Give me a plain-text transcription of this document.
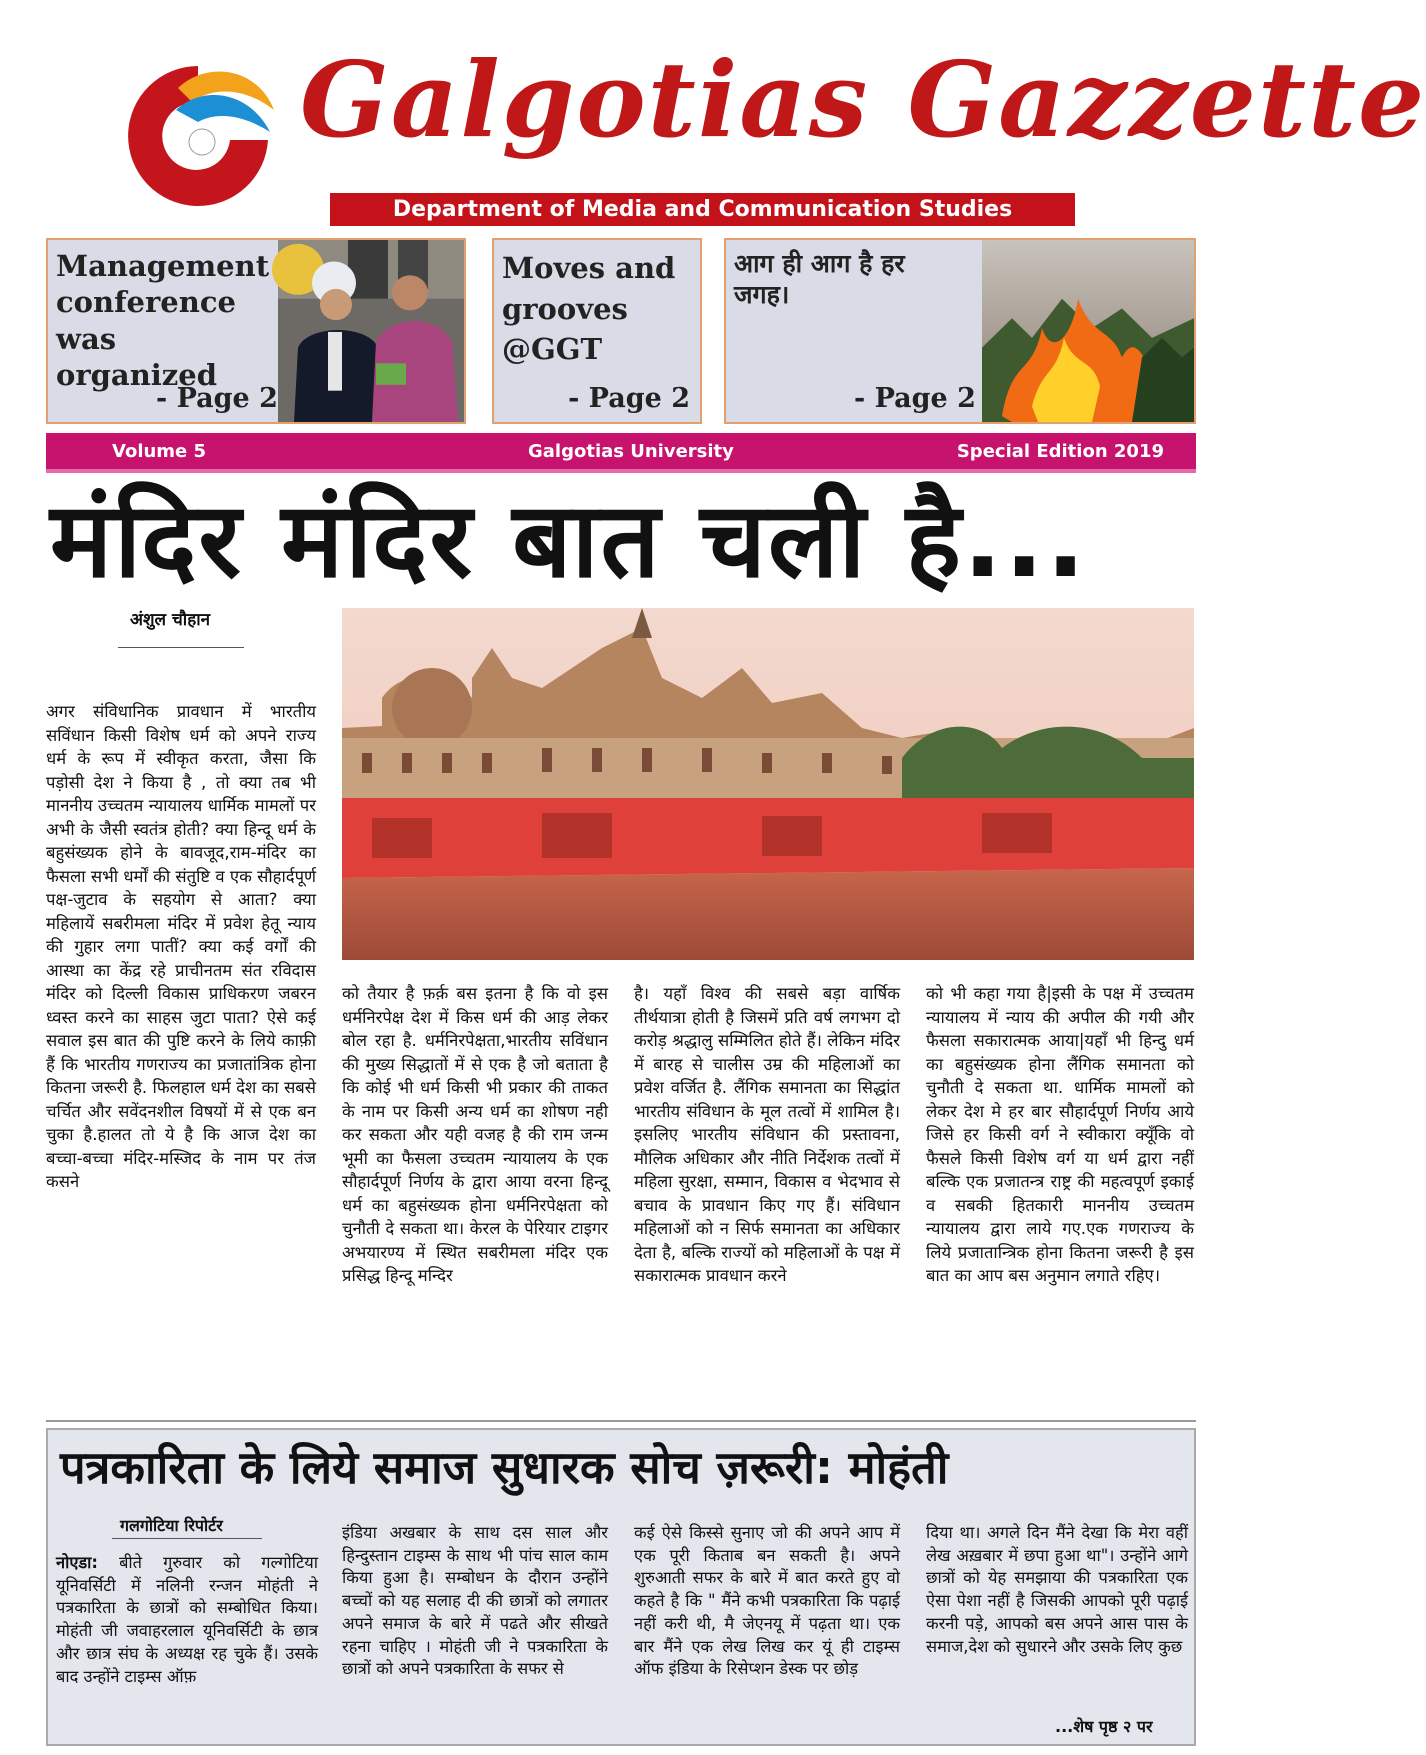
Galgotias Gazzette
Department of Media and Communication Studies
Management conference was organized
- Page 2
Moves and grooves @GGT
- Page 2
आग ही आग है हर जगह।
- Page 2
Volume 5	Galgotias University	Special Edition 2019
मंदिर मंदिर बात चली है...
अंशुल चौहान
अगर संविधानिक प्रावधान में भारतीय सविंधान किसी विशेष धर्म को अपने राज्य धर्म के रूप में स्वीकृत करता, जैसा कि पड़ोसी देश ने किया है , तो क्या तब भी माननीय उच्चतम न्यायालय धार्मिक मामलों पर अभी के जैसी स्वतंत्र होती? क्या हिन्दू धर्म के बहुसंख्यक होने के बावजूद,राम-मंदिर का फैसला सभी धर्मों की संतुष्टि व एक सौहार्दपूर्ण पक्ष-जुटाव के सहयोग से आता? क्या महिलायें सबरीमला मंदिर में प्रवेश हेतू न्याय की गुहार लगा पातीं? क्या कई वर्गों की आस्था का केंद्र रहे प्राचीनतम संत रविदास मंदिर को दिल्ली विकास प्राधिकरण जबरन ध्वस्त करने का साहस जुटा पाता? ऐसे कई सवाल इस बात की पुष्टि करने के लिये काफ़ी हैं कि भारतीय गणराज्य का प्रजातांत्रिक होना कितना जरूरी है. फिलहाल धर्म देश का सबसे चर्चित और सवेंदनशील विषयों में से एक बन चुका है.हालत तो ये है कि आज देश का बच्चा-बच्चा मंदिर-मस्जिद के नाम पर तंज कसने
को तैयार है फ़र्क़ बस इतना है कि वो इस धर्मनिरपेक्ष देश में किस धर्म की आड़ लेकर बोल रहा है. धर्मनिरपेक्षता,भारतीय सविंधान की मुख्य सिद्धातों में से एक है जो बताता है कि कोई भी धर्म किसी भी प्रकार की ताकत के नाम पर किसी अन्य धर्म का शोषण नही कर सकता और यही वजह है की राम जन्म भूमी का फैसला उच्चतम न्यायालय के एक सौहार्दपूर्ण निर्णय के द्वारा आया वरना हिन्दू धर्म का बहुसंख्यक होना धर्मनिरपेक्षता को चुनौती दे सकता था। केरल के पेरियार टाइगर अभयारण्य में स्थित सबरीमला मंदिर एक प्रसिद्ध हिन्दू मन्दिर
है। यहाँ विश्व की सबसे बड़ा वार्षिक तीर्थयात्रा होती है जिसमें प्रति वर्ष लगभग दो करोड़ श्रद्धालु सम्मिलित होते हैं। लेकिन मंदिर में बारह से चालीस उम्र की महिलाओं का प्रवेश वर्जित है. लैंगिक समानता का सिद्धांत भारतीय संविधान के मूल तत्वों में शामिल है। इसलिए भारतीय संविधान की प्रस्तावना, मौलिक अधिकार और नीति निर्देशक तत्वों में महिला सुरक्षा, सम्मान, विकास व भेदभाव से बचाव के प्रावधान किए गए हैं। संविधान महिलाओं को न सिर्फ समानता का अधिकार देता है, बल्कि राज्यों को महिलाओं के पक्ष में सकारात्मक प्रावधान करने
को भी कहा गया है|इसी के पक्ष में उच्चतम न्यायालय में न्याय की अपील की गयी और फैसला सकारात्मक आया|यहाँ भी हिन्दु धर्म का बहुसंख्यक होना लैंगिक समानता को चुनौती दे सकता था. धार्मिक मामलों को लेकर देश मे हर बार सौहार्दपूर्ण निर्णय आये जिसे हर किसी वर्ग ने स्वीकारा क्यूँकि वो फैसले किसी विशेष वर्ग या धर्म द्वारा नहीं बल्कि एक प्रजातन्त्र राष्ट्र की महत्वपूर्ण इकाई व सबकी हितकारी माननीय उच्चतम न्यायालय द्वारा लाये गए.एक गणराज्य के लिये प्रजातान्त्रिक होना कितना जरूरी है इस बात का आप बस अनुमान लगाते रहिए।
पत्रकारिता के लिये समाज सुधारक सोच ज़रूरी: मोहंती
गलगोटिया रिपोर्टर
नोएडा: बीते गुरुवार को गल्गोटिया यूनिवर्सिटी में नलिनी रन्जन मोहंती ने पत्रकारिता के छात्रों को सम्बोधित किया। मोहंती जी जवाहरलाल यूनिवर्सिटी के छात्र और छात्र संघ के अध्यक्ष रह चुके हैं। उसके बाद उन्होंने टाइम्स ऑफ़
इंडिया अखबार के साथ दस साल और हिन्दुस्तान टाइम्स के साथ भी पांच साल काम किया हुआ है। सम्बोधन के दौरान उन्होंने बच्चों को यह सलाह दी की छात्रों को लगातर अपने समाज के बारे में पढते और सीखते रहना चाहिए । मोहंती जी ने पत्रकारिता के छात्रों को अपने पत्रकारिता के सफर से
कई ऐसे किस्से सुनाए जो की अपने आप में एक पूरी किताब बन सकती है। अपने शुरुआती सफर के बारे में बात करते हुए वो कहते है कि " मैंने कभी पत्रकारिता कि पढ़ाई नहीं करी थी, मै जेएनयू में पढ़ता था। एक बार मैंने एक लेख लिख कर यूं ही टाइम्स ऑफ इंडिया के रिसेप्शन डेस्क पर छोड़
दिया था। अगले दिन मैंने देखा कि मेरा वहीं लेख अख़बार में छपा हुआ था"। उन्होंने आगे छात्रों को येह समझाया की पत्रकारिता एक ऐसा पेशा नहीं है जिसकी आपको पूरी पढ़ाई करनी पड़े, आपको बस अपने आस पास के समाज,देश को सुधारने और उसके लिए कुछ
...शेष पृष्ठ २ पर
